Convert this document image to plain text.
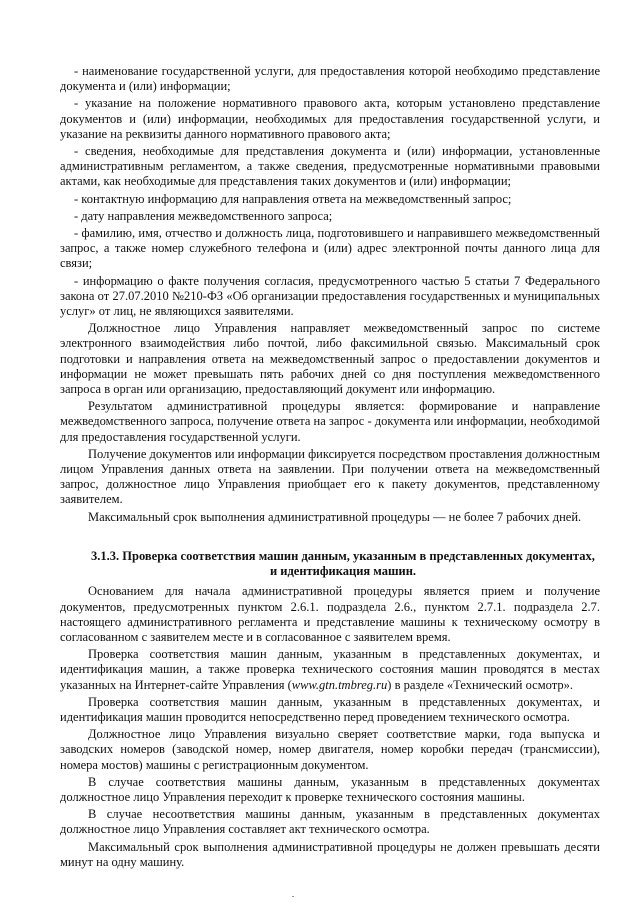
- наименование государственной услуги, для предоставления которой необходимо представление документа и (или) информации;

- указание на положение нормативного правового акта, которым установлено представление документов и (или) информации, необходимых для предоставления государственной услуги, и указание на реквизиты данного нормативного правового акта;

- сведения, необходимые для представления документа и (или) информации, установленные административным регламентом, а также сведения, предусмотренные нормативными правовыми актами, как необходимые для представления таких документов и (или) информации;

- контактную информацию для направления ответа на межведомственный запрос;

- дату направления межведомственного запроса;

- фамилию, имя, отчество и должность лица, подготовившего и направившего межведомственный запрос, а также номер служебного телефона и (или) адрес электронной почты данного лица для связи;

- информацию о факте получения согласия, предусмотренного частью 5 статьи 7 Федерального закона от 27.07.2010 №210-ФЗ «Об организации предоставления государственных и муниципальных услуг» от лиц, не являющихся заявителями.

Должностное лицо Управления направляет межведомственный запрос по системе электронного взаимодействия либо почтой, либо факсимильной связью. Максимальный срок подготовки и направления ответа на межведомственный запрос о предоставлении документов и информации не может превышать пять рабочих дней со дня поступления межведомственного запроса в орган или организацию, предоставляющий документ или информацию.

Результатом административной процедуры является: формирование и направление межведомственного запроса, получение ответа на запрос - документа или информации, необходимой для предоставления государственной услуги.

Получение документов или информации фиксируется посредством проставления должностным лицом Управления данных ответа на заявлении. При получении ответа на межведомственный запрос, должностное лицо Управления приобщает его к пакету документов, представленному заявителем.

Максимальный срок выполнения административной процедуры — не более 7 рабочих дней.

3.1.3. Проверка соответствия машин данным, указанным в представленных документах, и идентификация машин.

Основанием для начала административной процедуры является прием и получение документов, предусмотренных пунктом 2.6.1. подраздела 2.6., пунктом 2.7.1. подраздела 2.7. настоящего административного регламента и представление машины к техническому осмотру в согласованном с заявителем месте и в согласованное с заявителем время.

Проверка соответствия машин данным, указанным в представленных документах, и идентификация машин, а также проверка технического состояния машин проводятся в местах указанных на Интернет-сайте Управления (www.gtn.tmbreg.ru) в разделе «Технический осмотр».

Проверка соответствия машин данным, указанным в представленных документах, и идентификация машин проводится непосредственно перед проведением технического осмотра.

Должностное лицо Управления визуально сверяет соответствие марки, года выпуска и заводских номеров (заводской номер, номер двигателя, номер коробки передач (трансмиссии), номера мостов) машины с регистрационным документом.

В случае соответствия машины данным, указанным в представленных документах должностное лицо Управления переходит к проверке технического состояния машины.

В случае несоответствия машины данным, указанным в представленных документах должностное лицо Управления составляет акт технического осмотра.

Максимальный срок выполнения административной процедуры не должен превышать десяти минут на одну машину.
